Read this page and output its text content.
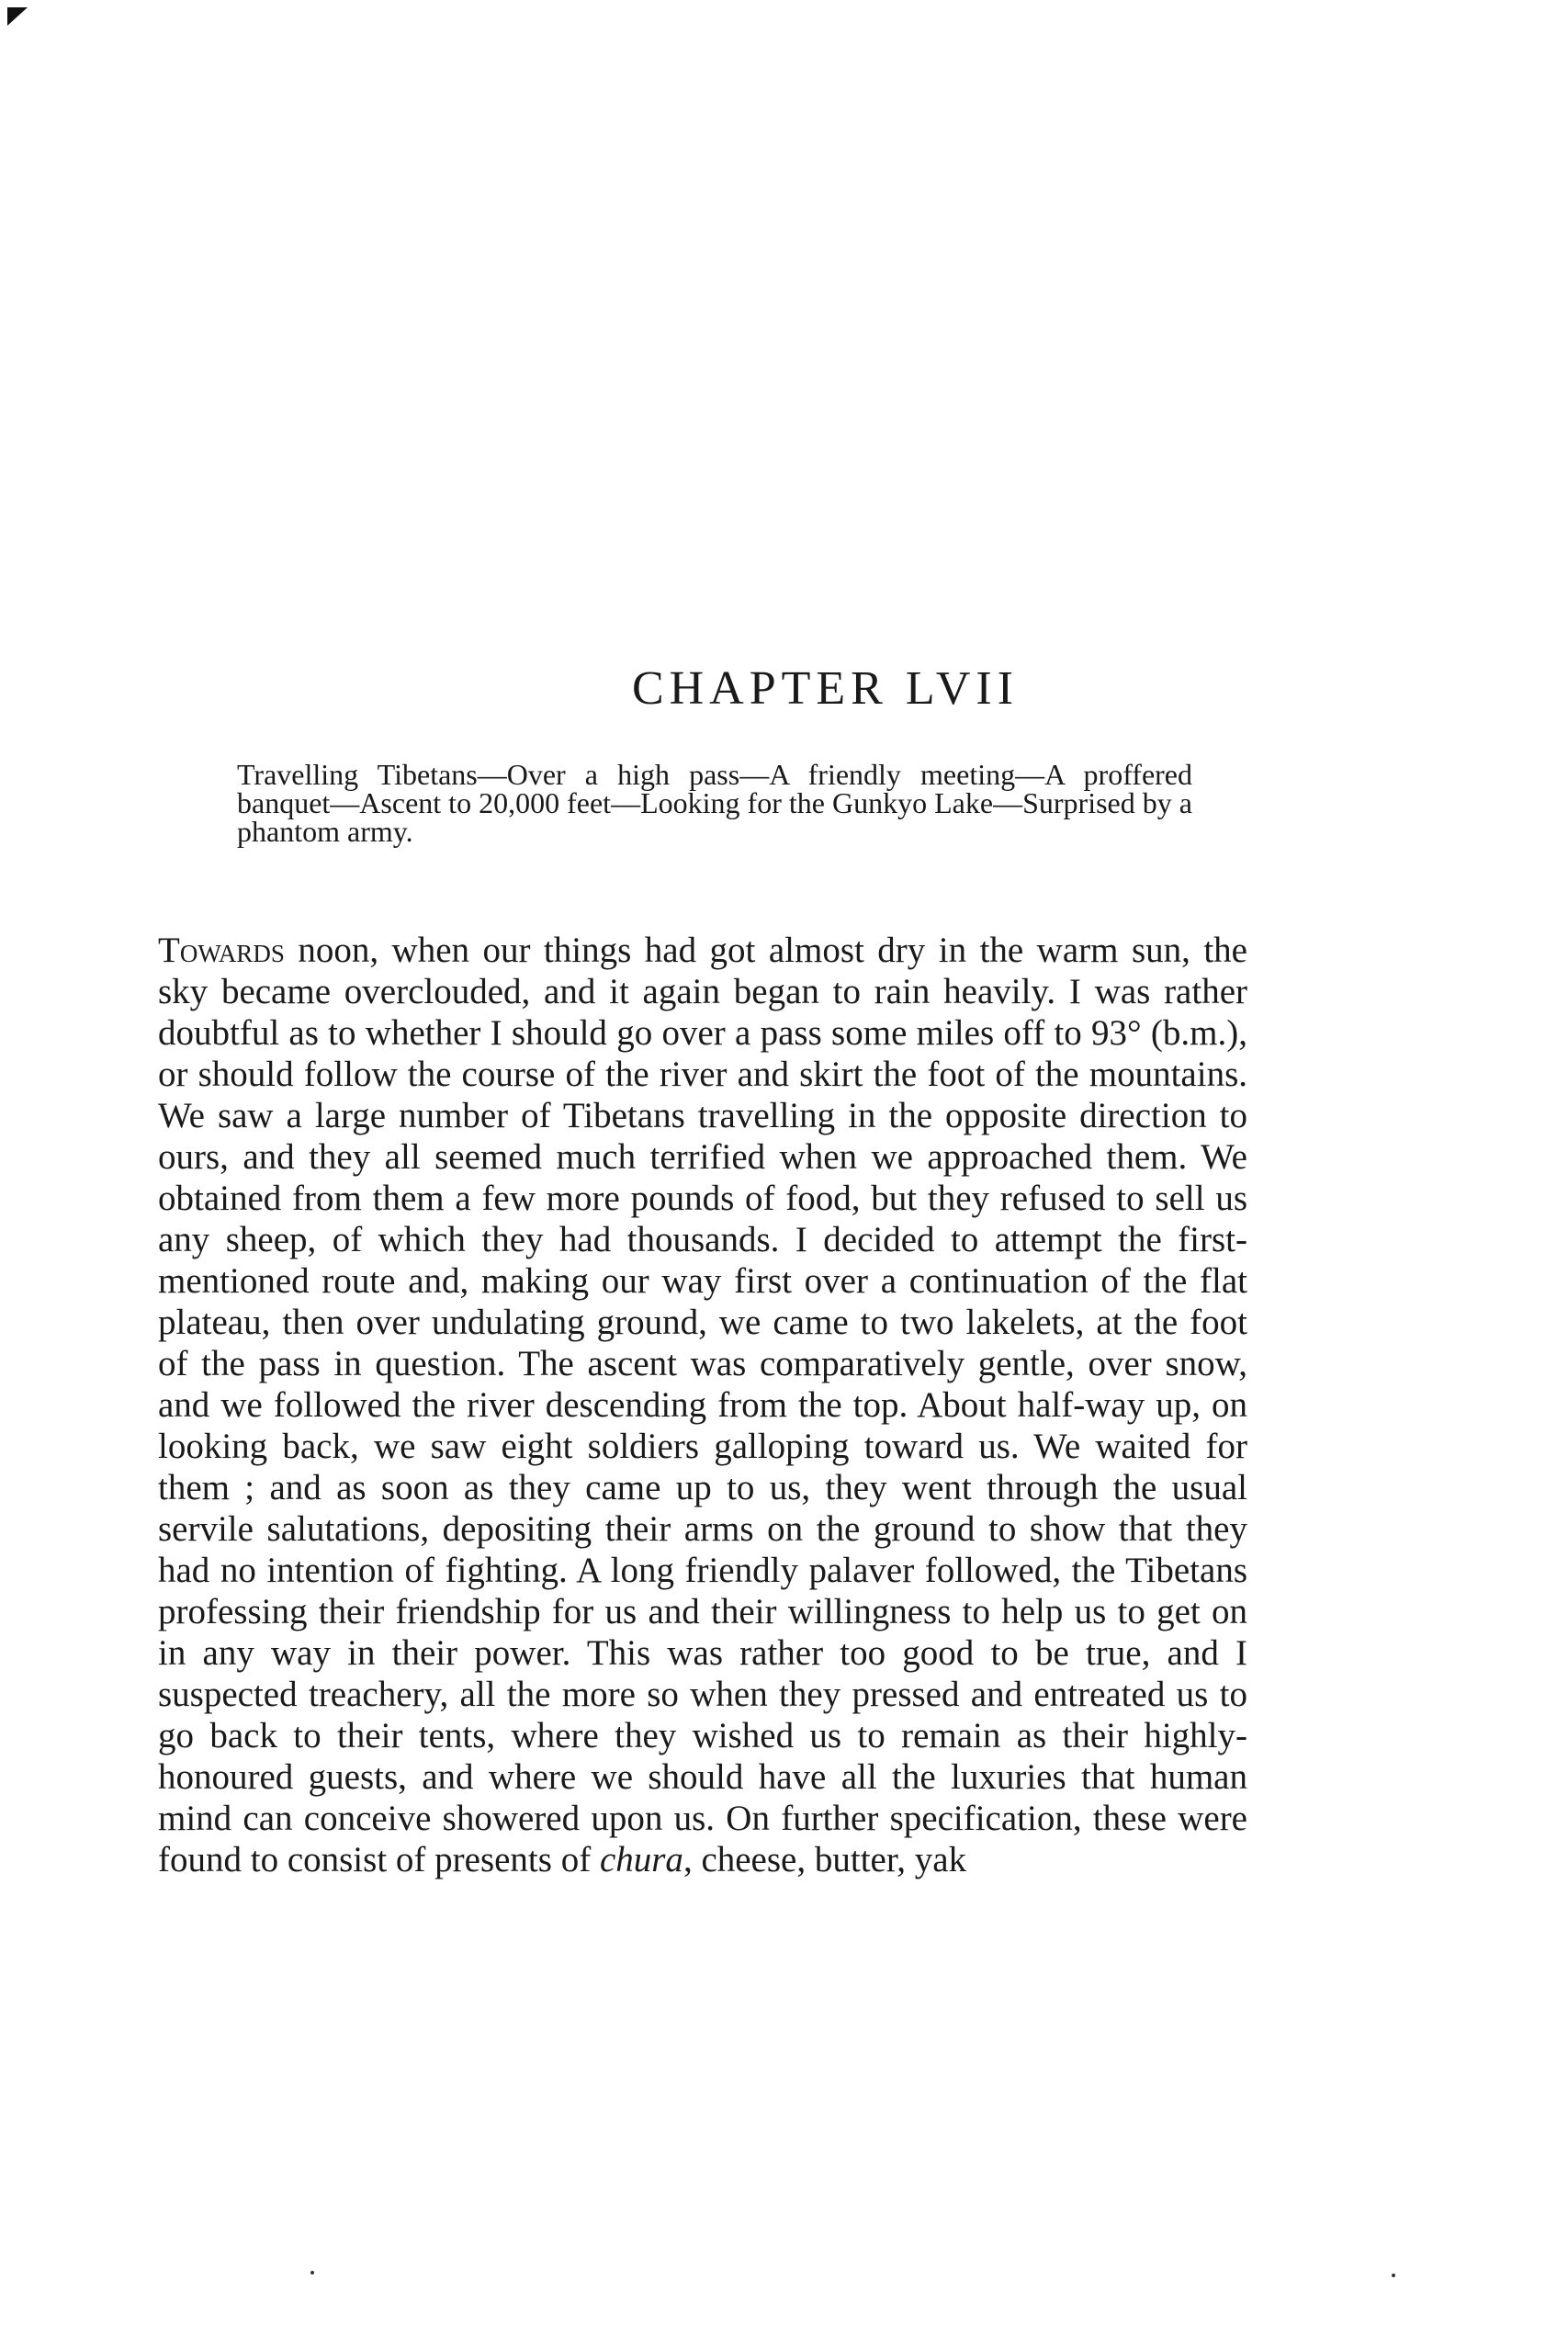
CHAPTER LVII

Travelling Tibetans—Over a high pass—A friendly meeting—A proffered banquet—Ascent to 20,000 feet—Looking for the Gunkyo Lake—Surprised by a phantom army.

Towards noon, when our things had got almost dry in the warm sun, the sky became overclouded, and it again began to rain heavily. I was rather doubtful as to whether I should go over a pass some miles off to 93° (b.m.), or should follow the course of the river and skirt the foot of the mountains. We saw a large number of Tibetans travelling in the opposite direction to ours, and they all seemed much terrified when we approached them. We obtained from them a few more pounds of food, but they refused to sell us any sheep, of which they had thousands. I decided to attempt the first-mentioned route and, making our way first over a continuation of the flat plateau, then over undulating ground, we came to two lakelets, at the foot of the pass in question. The ascent was comparatively gentle, over snow, and we followed the river descending from the top. About half-way up, on looking back, we saw eight soldiers galloping toward us. We waited for them ; and as soon as they came up to us, they went through the usual servile salutations, depositing their arms on the ground to show that they had no intention of fighting. A long friendly palaver followed, the Tibetans professing their friendship for us and their willingness to help us to get on in any way in their power. This was rather too good to be true, and I suspected treachery, all the more so when they pressed and entreated us to go back to their tents, where they wished us to remain as their highly-honoured guests, and where we should have all the luxuries that human mind can conceive showered upon us. On further specification, these were found to consist of presents of chura, cheese, butter, yak
